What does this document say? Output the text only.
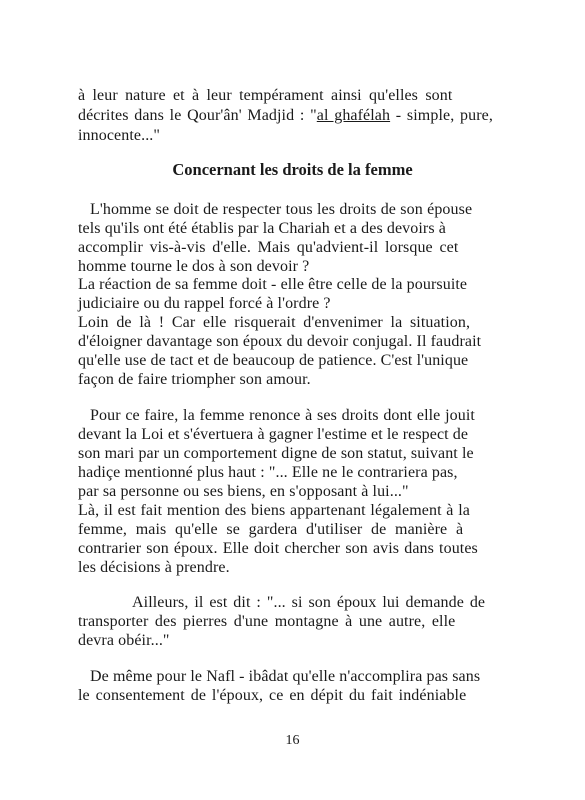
à leur nature et à leur tempérament ainsi qu'elles sont
décrites dans le Qour'ân' Madjid : "al ghafélah - simple, pure,
innocente..."
Concernant les droits de la femme
L'homme se doit de respecter tous les droits de son épouse
tels qu'ils ont été établis par la Chariah et a des devoirs à
accomplir vis-à-vis d'elle. Mais qu'advient-il lorsque cet
homme tourne le dos à son devoir ?
La réaction de sa femme doit - elle être celle de la poursuite
judiciaire ou du rappel forcé à l'ordre ?
Loin de là ! Car elle risquerait d'envenimer la situation,
d'éloigner davantage son époux du devoir conjugal. Il faudrait
qu'elle use de tact et de beaucoup de patience. C'est l'unique
façon de faire triompher son amour.
Pour ce faire, la femme renonce à ses droits dont elle jouit
devant la Loi et s'évertuera à gagner l'estime et le respect de
son mari par un comportement digne de son statut, suivant le
hadiçe mentionné plus haut : "... Elle ne le contrariera pas,
par sa personne ou ses biens, en s'opposant à lui..."
Là, il est fait mention des biens appartenant légalement à la
femme, mais qu'elle se gardera d'utiliser de manière à
contrarier son époux. Elle doit chercher son avis dans toutes
les décisions à prendre.
Ailleurs, il est dit : "... si son époux lui demande de
transporter des pierres d'une montagne à une autre, elle
devra obéir..."
De même pour le Nafl - ibâdat qu'elle n'accomplira pas sans
le consentement de l'époux, ce en dépit du fait indéniable
16
